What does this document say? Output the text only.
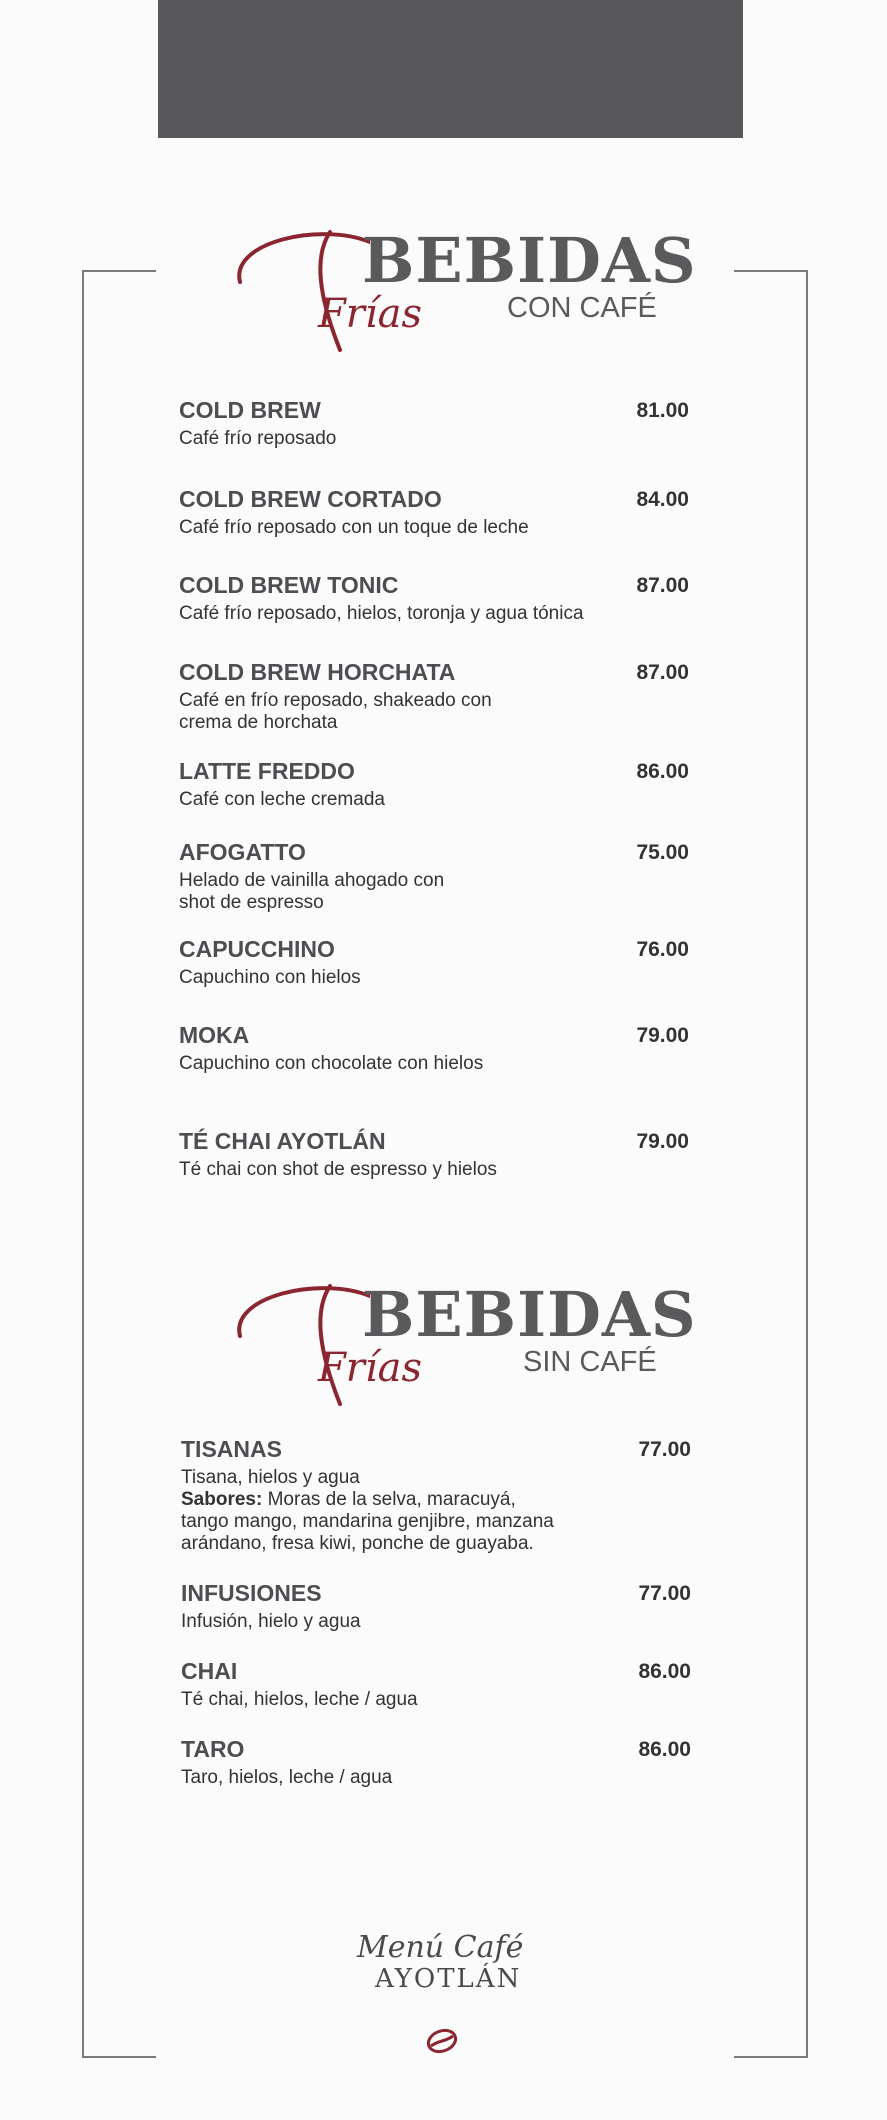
BEBIDAS
Frías	CON CAFÉ
COLD BREW	81.00
Café frío reposado
COLD BREW CORTADO	84.00
Café frío reposado con un toque de leche
COLD BREW TONIC	87.00
Café frío reposado, hielos, toronja y agua tónica
COLD BREW HORCHATA	87.00
Café en frío reposado, shakeado con
crema de horchata
LATTE FREDDO	86.00
Café con leche cremada
AFOGATTO	75.00
Helado de vainilla ahogado con
shot de espresso
CAPUCCHINO	76.00
Capuchino con hielos
MOKA	79.00
Capuchino con chocolate con hielos
TÉ CHAI AYOTLÁN	79.00
Té chai con shot de espresso y hielos
BEBIDAS
Frías	SIN CAFÉ
TISANAS	77.00
Tisana, hielos y agua
Sabores: Moras de la selva, maracuyá,
tango mango, mandarina genjibre, manzana
arándano, fresa kiwi, ponche de guayaba.
INFUSIONES	77.00
Infusión, hielo y agua
CHAI	86.00
Té chai, hielos, leche / agua
TARO	86.00
Taro, hielos, leche / agua
Menú Café
AYOTLÁN
